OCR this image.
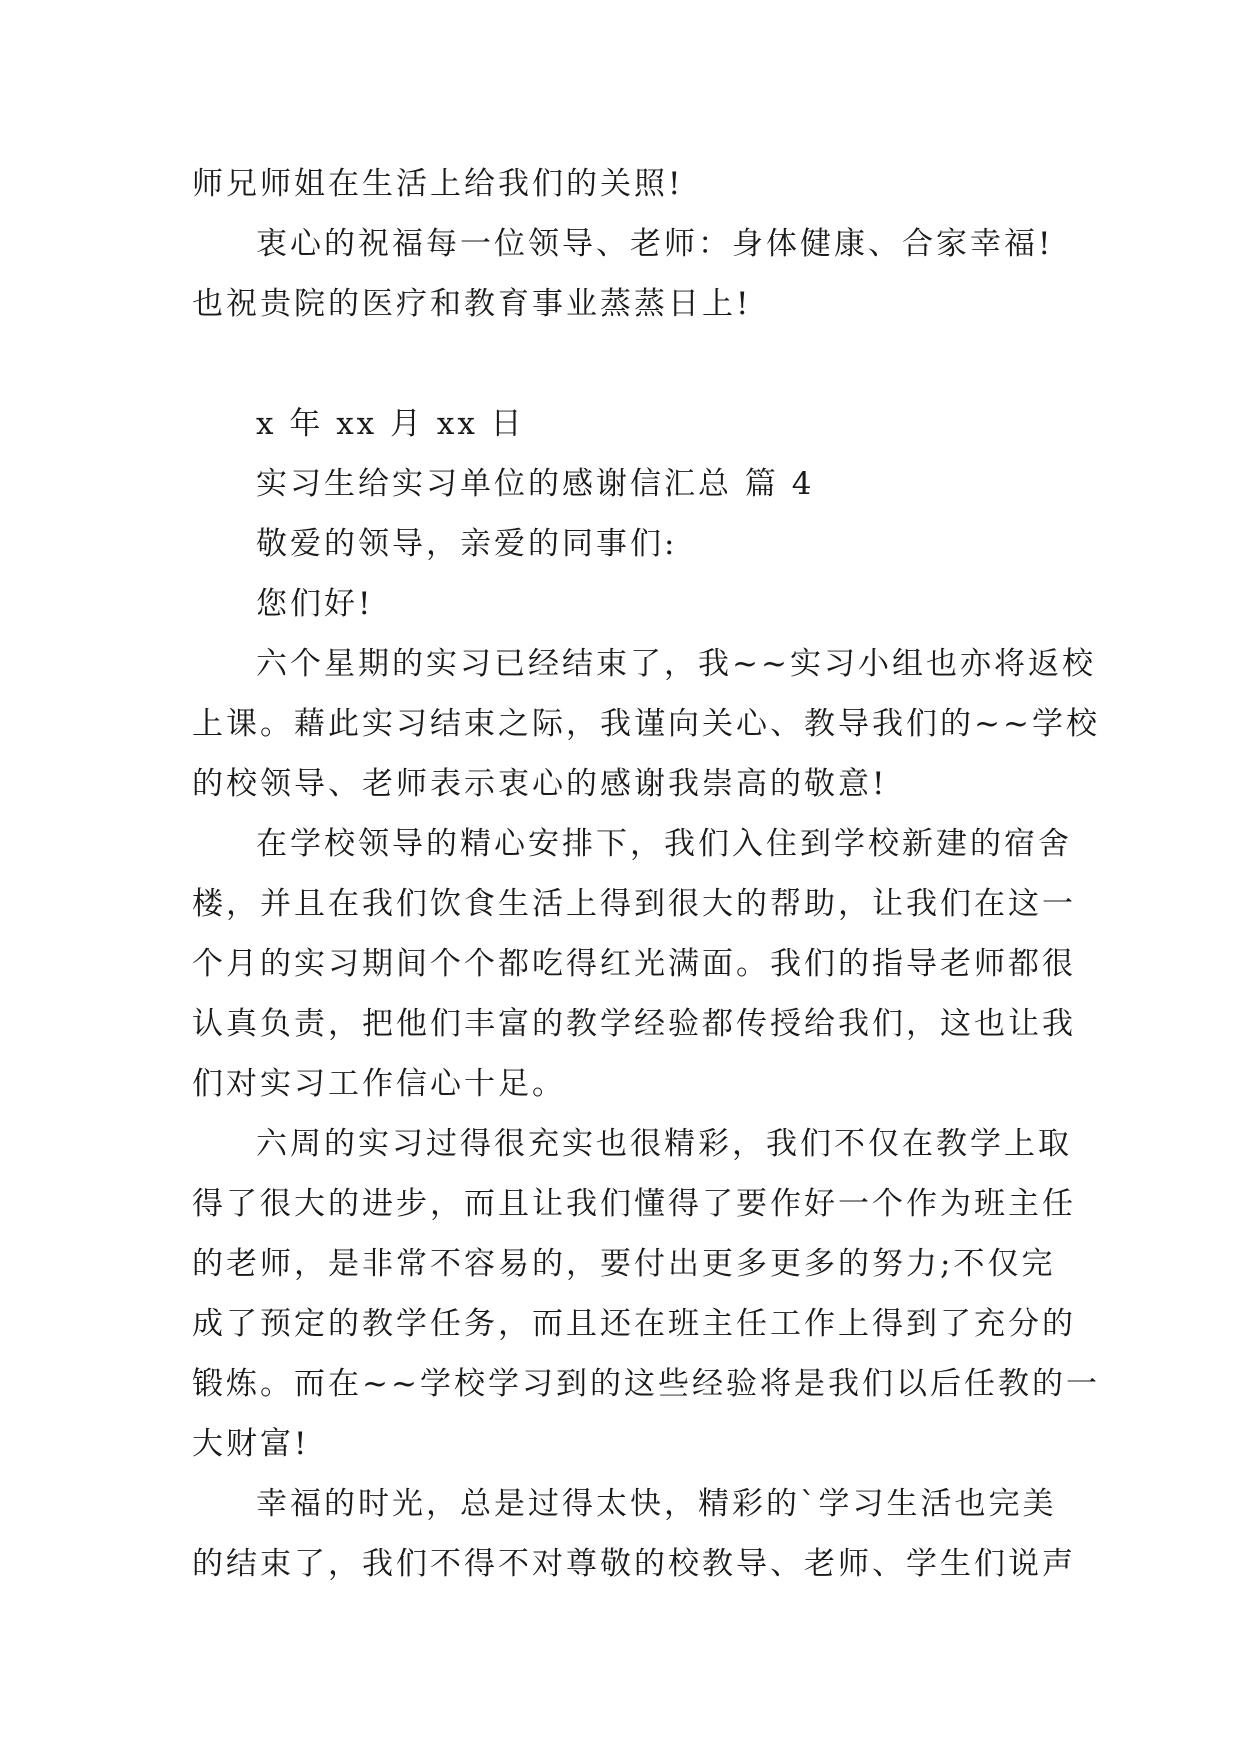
师兄师姐在生活上给我们的关照!
衷心的祝福每一位领导、老师：身体健康、合家幸福!
也祝贵院的医疗和教育事业蒸蒸日上!
x 年 xx 月 xx 日
实习生给实习单位的感谢信汇总 篇 4
敬爱的领导，亲爱的同事们:
您们好!
六个星期的实习已经结束了，我~~实习小组也亦将返校
上课。藉此实习结束之际，我谨向关心、教导我们的~~学校
的校领导、老师表示衷心的感谢我崇高的敬意!
在学校领导的精心安排下，我们入住到学校新建的宿舍
楼，并且在我们饮食生活上得到很大的帮助，让我们在这一
个月的实习期间个个都吃得红光满面。我们的指导老师都很
认真负责，把他们丰富的教学经验都传授给我们，这也让我
们对实习工作信心十足。
六周的实习过得很充实也很精彩，我们不仅在教学上取
得了很大的进步，而且让我们懂得了要作好一个作为班主任
的老师，是非常不容易的，要付出更多更多的努力;不仅完
成了预定的教学任务，而且还在班主任工作上得到了充分的
锻炼。而在~~学校学习到的这些经验将是我们以后任教的一
大财富!
幸福的时光，总是过得太快，精彩的`学习生活也完美
的结束了，我们不得不对尊敬的校教导、老师、学生们说声
